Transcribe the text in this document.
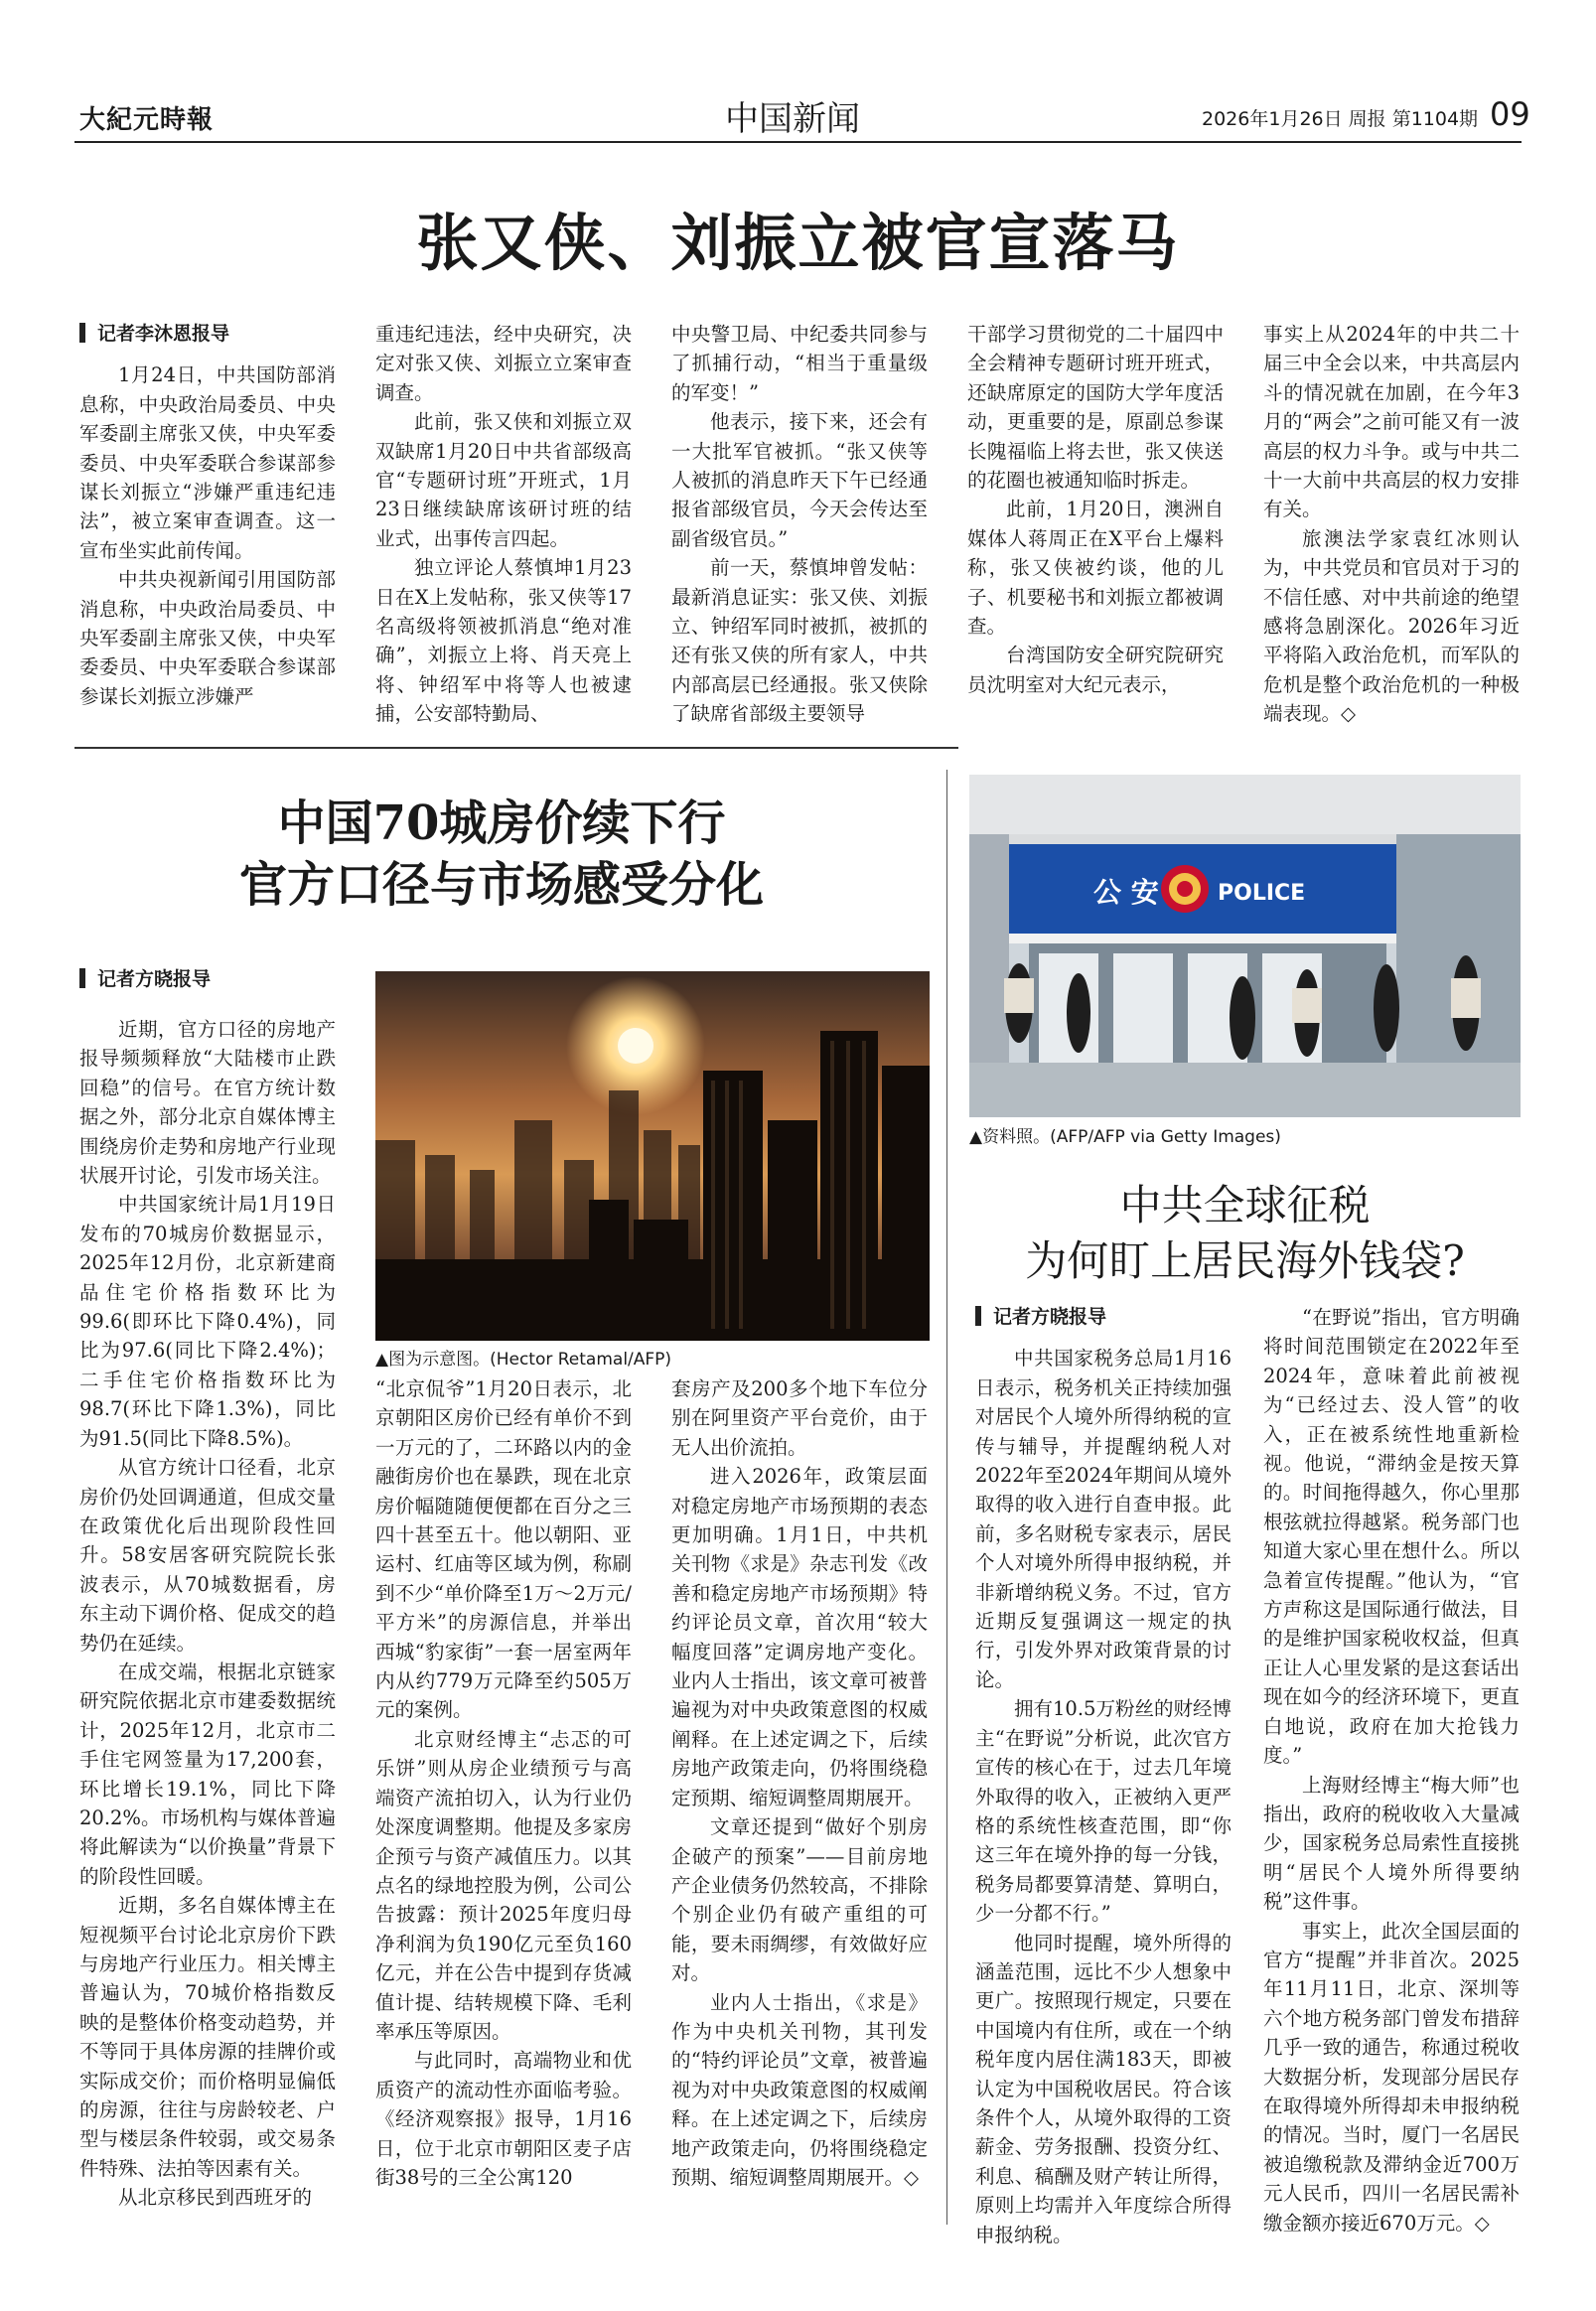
大紀元時報	中国新闻	2026年1月26日 周报 第1104期 09
张又侠、刘振立被官宣落马

记者李沐恩报导

1月24日，中共国防部消息称，中央政治局委员、中央军委副主席张又侠，中央军委委员、中央军委联合参谋部参谋长刘振立“涉嫌严重违纪违法”，被立案审查调查。这一宣布坐实此前传闻。

中共央视新闻引用国防部消息称，中央政治局委员、中央军委副主席张又侠，中央军委委员、中央军委联合参谋部参谋长刘振立涉嫌严

重违纪违法，经中央研究，决定对张又侠、刘振立立案审查调查。

此前，张又侠和刘振立双双缺席1月20日中共省部级高官“专题研讨班”开班式，1月23日继续缺席该研讨班的结业式，出事传言四起。

独立评论人蔡慎坤1月23日在X上发帖称，张又侠等17名高级将领被抓消息“绝对准确”，刘振立上将、肖天亮上将、钟绍军中将等人也被逮捕，公安部特勤局、

中央警卫局、中纪委共同参与了抓捕行动，“相当于重量级的军变！”

他表示，接下来，还会有一大批军官被抓。“张又侠等人被抓的消息昨天下午已经通报省部级官员，今天会传达至副省级官员。”

前一天，蔡慎坤曾发帖：最新消息证实：张又侠、刘振立、钟绍军同时被抓，被抓的还有张又侠的所有家人，中共内部高层已经通报。张又侠除了缺席省部级主要领导

干部学习贯彻党的二十届四中全会精神专题研讨班开班式，还缺席原定的国防大学年度活动，更重要的是，原副总参谋长隗福临上将去世，张又侠送的花圈也被通知临时拆走。

此前，1月20日，澳洲自媒体人蒋周正在X平台上爆料称，张又侠被约谈，他的儿子、机要秘书和刘振立都被调查。

台湾国防安全研究院研究员沈明室对大纪元表示，

事实上从2024年的中共二十届三中全会以来，中共高层内斗的情况就在加剧，在今年3月的“两会”之前可能又有一波高层的权力斗争。或与中共二十一大前中共高层的权力安排有关。

旅澳法学家袁红冰则认为，中共党员和官员对于习的不信任感、对中共前途的绝望感将急剧深化。2026年习近平将陷入政治危机，而军队的危机是整个政治危机的一种极端表现。◇

中国70城房价续下行
官方口径与市场感受分化

记者方晓报导

▲图为示意图。(Hector Retamal/AFP)

近期，官方口径的房地产报导频频释放“大陆楼市止跌回稳”的信号。在官方统计数据之外，部分北京自媒体博主围绕房价走势和房地产行业现状展开讨论，引发市场关注。

中共国家统计局1月19日发布的70城房价数据显示，2025年12月份，北京新建商品住宅价格指数环比为99.6(即环比下降0.4%)，同比为97.6(同比下降2.4%)；二手住宅价格指数环比为98.7(环比下降1.3%)，同比为91.5(同比下降8.5%)。

从官方统计口径看，北京房价仍处回调通道，但成交量在政策优化后出现阶段性回升。58安居客研究院院长张波表示，从70城数据看，房东主动下调价格、促成交的趋势仍在延续。

在成交端，根据北京链家研究院依据北京市建委数据统计，2025年12月，北京市二手住宅网签量为17,200套，环比增长19.1%，同比下降20.2%。市场机构与媒体普遍将此解读为“以价换量”背景下的阶段性回暖。

近期，多名自媒体博主在短视频平台讨论北京房价下跌与房地产行业压力。相关博主普遍认为，70城价格指数反映的是整体价格变动趋势，并不等同于具体房源的挂牌价或实际成交价；而价格明显偏低的房源，往往与房龄较老、户型与楼层条件较弱，或交易条件特殊、法拍等因素有关。

从北京移民到西班牙的

“北京侃爷”1月20日表示，北京朝阳区房价已经有单价不到一万元的了，二环路以内的金融街房价也在暴跌，现在北京房价幅随随便便都在百分之三四十甚至五十。他以朝阳、亚运村、红庙等区域为例，称刷到不少“单价降至1万～2万元/平方米”的房源信息，并举出西城“豹家街”一套一居室两年内从约779万元降至约505万元的案例。

北京财经博主“忐忑的可乐饼”则从房企业绩预亏与高端资产流拍切入，认为行业仍处深度调整期。他提及多家房企预亏与资产减值压力。以其点名的绿地控股为例，公司公告披露：预计2025年度归母净利润为负190亿元至负160亿元，并在公告中提到存货减值计提、结转规模下降、毛利率承压等原因。

与此同时，高端物业和优质资产的流动性亦面临考验。《经济观察报》报导，1月16日，位于北京市朝阳区麦子店街38号的三全公寓120

套房产及200多个地下车位分别在阿里资产平台竞价，由于无人出价流拍。

进入2026年，政策层面对稳定房地产市场预期的表态更加明确。1月1日，中共机关刊物《求是》杂志刊发《改善和稳定房地产市场预期》特约评论员文章，首次用“较大幅度回落”定调房地产变化。业内人士指出，该文章可被普遍视为对中央政策意图的权威阐释。在上述定调之下，后续房地产政策走向，仍将围绕稳定预期、缩短调整周期展开。

文章还提到“做好个别房企破产的预案”——目前房地产企业债务仍然较高，不排除个别企业仍有破产重组的可能，要未雨绸缪，有效做好应对。

业内人士指出，《求是》作为中央机关刊物，其刊发的“特约评论员”文章，被普遍视为对中央政策意图的权威阐释。在上述定调之下，后续房地产政策走向，仍将围绕稳定预期、缩短调整周期展开。◇

公 安	POLICE
▲资料照。(AFP/AFP via Getty Images)
中共全球征税
为何盯上居民海外钱袋?

记者方晓报导

中共国家税务总局1月16日表示，税务机关正持续加强对居民个人境外所得纳税的宣传与辅导，并提醒纳税人对2022年至2024年期间从境外取得的收入进行自查申报。此前，多名财税专家表示，居民个人对境外所得申报纳税，并非新增纳税义务。不过，官方近期反复强调这一规定的执行，引发外界对政策背景的讨论。

拥有10.5万粉丝的财经博主“在野说”分析说，此次官方宣传的核心在于，过去几年境外取得的收入，正被纳入更严格的系统性核查范围，即“你这三年在境外挣的每一分钱，税务局都要算清楚、算明白，少一分都不行。”

他同时提醒，境外所得的涵盖范围，远比不少人想象中更广。按照现行规定，只要在中国境内有住所，或在一个纳税年度内居住满183天，即被认定为中国税收居民。符合该条件个人，从境外取得的工资薪金、劳务报酬、投资分红、利息、稿酬及财产转让所得，原则上均需并入年度综合所得申报纳税。

“在野说”指出，官方明确将时间范围锁定在2022年至2024年，意味着此前被视为“已经过去、没人管”的收入，正在被系统性地重新检视。他说，“滞纳金是按天算的。时间拖得越久，你心里那根弦就拉得越紧。税务部门也知道大家心里在想什么。所以急着宣传提醒。”他认为，“官方声称这是国际通行做法，目的是维护国家税收权益，但真正让人心里发紧的是这套话出现在如今的经济环境下，更直白地说，政府在加大抢钱力度。”

上海财经博主“梅大师”也指出，政府的税收收入大量减少，国家税务总局索性直接挑明“居民个人境外所得要纳税”这件事。

事实上，此次全国层面的官方“提醒”并非首次。2025年11月11日，北京、深圳等六个地方税务部门曾发布措辞几乎一致的通告，称通过税收大数据分析，发现部分居民存在取得境外所得却未申报纳税的情况。当时，厦门一名居民被追缴税款及滞纳金近700万元人民币，四川一名居民需补缴金额亦接近670万元。◇
